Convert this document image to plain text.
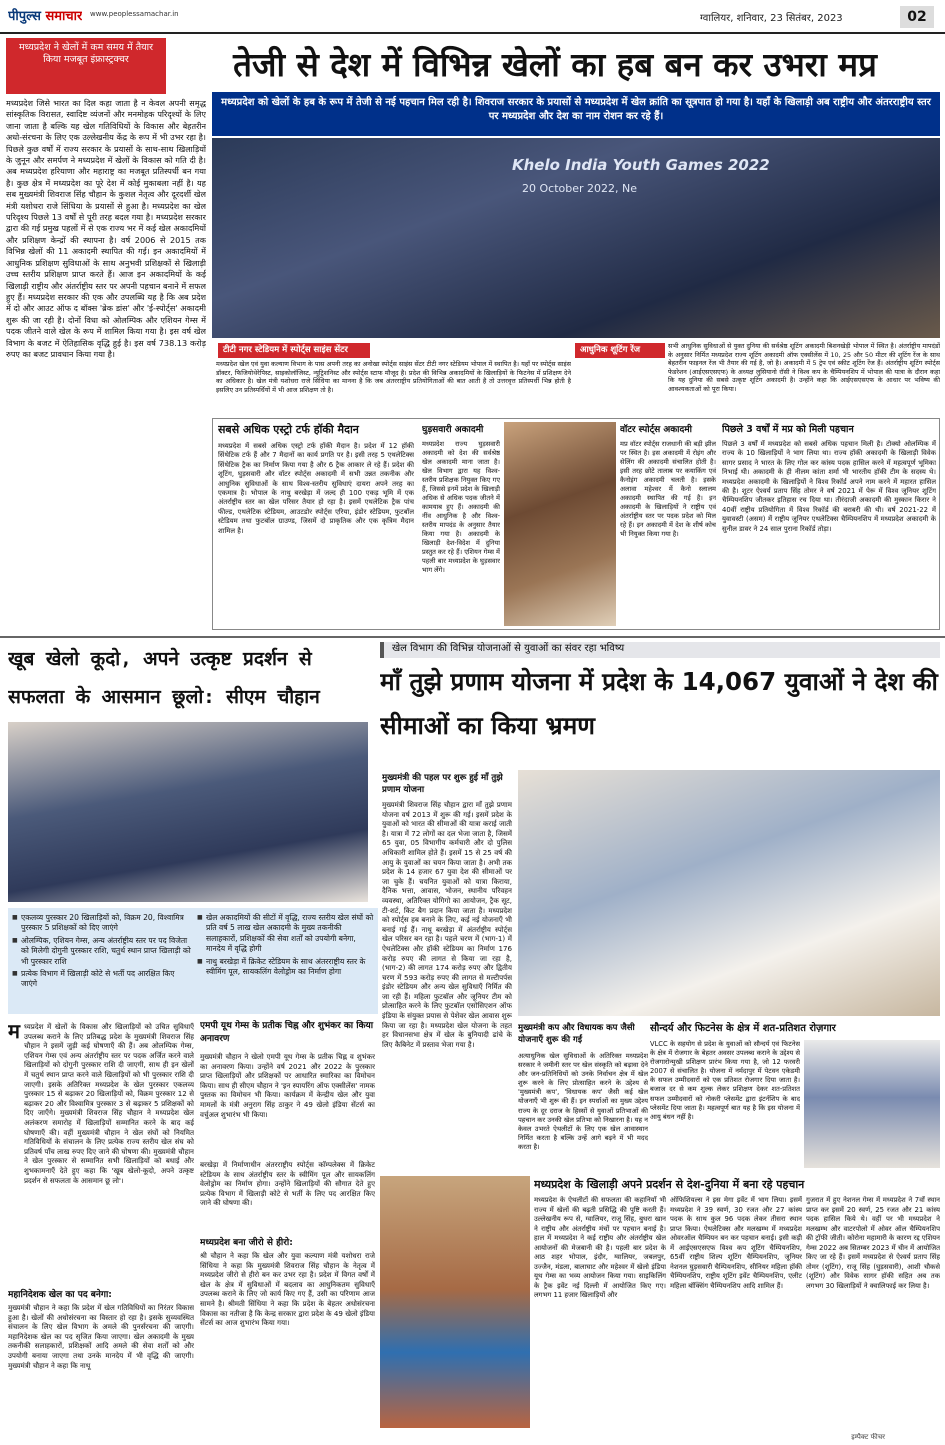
पीपुल्स समाचार www.peoplessamachar.in	ग्वालियर, शनिवार, 23 सितंबर, 2023	02
मध्यप्रदेश ने खेलों में कम समय में तैयार किया मजबूत इंफ्रास्ट्रक्चर	तेजी से देश में विभिन्न खेलों का हब बन कर उभरा मप्र
मध्यप्रदेश को खेलों के हब के रूप में तेजी से नई पहचान मिल रही है। शिवराज सरकार के प्रयासों से मध्यप्रदेश में खेल क्रांति का सूत्रपात हो गया है। यहाँ के खिलाड़ी अब राष्ट्रीय और अंतरराष्ट्रीय स्तर पर मध्यप्रदेश और देश का नाम रोशन कर रहे हैं।
मध्यप्रदेश जिसे भारत का दिल कहा जाता है न केवल अपनी समृद्ध सांस्कृतिक विरासत, स्वादिष्ट व्यंजनों और मनमोहक परिदृश्यों के लिए जाना जाता है बल्कि यह खेल गतिविधियों के विकास और बेहतरीन अधो-संरचना के लिए एक उल्लेखनीय केंद्र के रूप में भी उभर रहा है। पिछले कुछ वर्षों में राज्य सरकार के प्रयासों के साथ-साथ खिलाड़ियों के जुनून और समर्पण ने मध्यप्रदेश में खेलों के विकास को गति दी है। अब मध्यप्रदेश हरियाणा और महाराष्ट्र का मजबूत प्रतिस्पर्धी बन गया है। कुछ क्षेत्र में मध्यप्रदेश का पूरे देश में कोई मुकाबला नहीं है। यह सब मुख्यमंत्री शिवराज सिंह चौहान के कुशल नेतृत्व और दूरदर्शी खेल मंत्री यशोधरा राजे सिंधिया के प्रयासों से हुआ है। मध्यप्रदेश का खेल परिदृश्य पिछले 13 वर्षों से पूरी तरह बदल गया है। मध्यप्रदेश सरकार द्वारा की गई प्रमुख पहलों में से एक राज्य भर में कई खेल अकादमियों और प्रशिक्षण केन्द्रों की स्थापना है। वर्ष 2006 से 2015 तक विभिन्न खेलों की 11 अकादमी स्थापित की गई। इन अकादमियों में आधुनिक प्रशिक्षण सुविधाओं के साथ अनुभवी प्रशिक्षकों से खिलाड़ी उच्च स्तरीय प्रशिक्षण प्राप्त करते हैं। आज इन अकादमियों के कई खिलाड़ी राष्ट्रीय और अंतर्राष्ट्रीय स्तर पर अपनी पहचान बनाने में सफल हुए हैं। मध्यप्रदेश सरकार की एक और उपलब्धि यह है कि अब प्रदेश में दो और आउट ऑफ द बॉक्स 'ब्रेक डांस' और 'ई-स्पोर्ट्स' अकादमी शुरू की जा रही है। दोनों विधा को ओलम्पिक और एशियन गेम्स में पदक जीतने वाले खेल के रूप में शामिल किया गया है। इस वर्ष खेल विभाग के बजट में ऐतिहासिक वृद्धि हुई है। इस वर्ष 738.13 करोड़ रुपए का बजट प्रावधान किया गया है।
Khelo India Youth Games 2022
20 October 2022, Ne
टीटी नगर स्टेडियम में स्पोर्ट्स साइंस सेंटर
मध्यप्रदेश खेल एवं युवा कल्याण विभाग के पास अपनी तरह का अनोखा स्पोर्ट्स साइंस सेंटर टीटी नगर स्टेडियम भोपाल में स्थापित है। यहाँ पर स्पोर्ट्स साइंस डॉक्टर, फिजियोथेरेपिस्ट, साइकोलॉजिस्ट, न्यूट्रिशनिस्ट और स्पोर्ट्स स्टाफ मौजूद है। प्रदेश की विभिन्न अकादमियों के खिलाड़ियों के फिटनेस में प्रशिक्षण देने का अधिकार है। खेल मंत्री यशोधरा राजे सिंधिया का मानना है कि जब अंतरराष्ट्रीय प्रतियोगिताओं की बात आती है तो उत्तरवृत्त प्रतिस्पर्धी भिन्न होती है इसलिए उन प्रतिस्पर्धियों में भी आज प्रशिक्षण तो है।
आधुनिक शूटिंग रेंज	सभी आधुनिक सुविधाओं से युक्त दुनिया की सर्वश्रेष्ठ शूटिंग अकादमी बिशनखेड़ी भोपाल में स्थित है। अंतर्राष्ट्रीय मापदंडों के अनुसार निर्मित मध्यप्रदेश राज्य शूटिंग अकादमी ऑफ एक्सीलेंस में 10, 25 और 50 मीटर की शूटिंग रेंज के साथ बेहतरीन फाइनल रेंज भी तैयार की गई है, जो है। अकादमी में 5 ट्रेप एवं स्कीट शूटिंग रेंज हैं। अंतर्राष्ट्रीय शूटिंग स्पोर्ट्स फेडरेशन (आईएसएसएफ) के अध्यक्ष लुसियानो रॉसी ने विश्व कप के चैम्पियनशिप में भोपाल की यात्रा के दौरान कहा कि यह दुनिया की सबसे उत्कृष्ट शूटिंग अकादमी है। उन्होंने कहा कि आईएसएसएफ के आधार पर भविष्य की आवश्यकताओं को पूरा किया।
सबसे अधिक एस्ट्रो टर्फ हॉकी मैदान
मध्यप्रदेश में सबसे अधिक एस्ट्रो टर्फ हॉकी मैदान है। प्रदेश में 12 हॉकी सिंथेटिक टर्फ हैं और 7 मैदानों का कार्य प्रगति पर है। इसी तरह 5 एथलेटिक्स सिंथेटिक ट्रैक का निर्माण किया गया है और 6 ट्रैक आकार ले रहे हैं। प्रदेश की शूटिंग, घुड़सवारी और वॉटर स्पोर्ट्स अकादमी में सभी उन्नत तकनीक और आधुनिक सुविधाओं के साथ विश्व-स्तरीय सुविधाएं दायरा अपने तरह का एकमात्र है। भोपाल के नाथु बरखेड़ा में जल्द ही 100 एकड़ भूमि में एक अंतर्राष्ट्रीय स्तर का खेल परिसर तैयार हो रहा है। इसमें एथलेटिक ट्रैक पांच फील्ड, एथलेटिक स्टेडियम, आउटडोर स्पोर्ट्स एरिया, इंडोर स्टेडियम, फुटबॉल स्टेडियम तथा फुटबॉल ग्राउण्ड, जिसमें दो प्राकृतिक और एक कृत्रिम मैदान शामिल है।
घुड़सवारी अकादमी
मध्यप्रदेश राज्य घुड़सवारी अकादमी को देश की सर्वश्रेष्ठ खेल अकादमी माना जाता है। खेल विभाग द्वारा यह विश्व-स्तरीय प्रशिक्षक नियुक्त किए गए हैं, जिससे इनमें प्रदेश के खिलाड़ी अधिक से अधिक पदक जीतने में कामयाब हुए हैं। अकादमी की नींव आधुनिक है और विश्व-स्तरीय मापदंड के अनुसार तैयार किया गया है। अकादमी के खिलाड़ी देश-विदेश में दुनिया प्रस्तुत कर रहे हैं। एशियन गेम्स में पहली बार मध्यप्रदेश के घुड़सवार भाग लेंगे।
वॉटर स्पोर्ट्स अकादमी
मप्र वॉटर स्पोर्ट्स राजधानी की बड़ी झील पर स्थित है। इस अकादमी में रोइंग और सेलिंग की अकादमी संचालित होती है। इसी तरह छोटे तालाब पर कयाकिंग एवं कैनोइंग अकादमी चलती है। इसके अलावा महेश्वर में कैनो स्लालम अकादमी स्थापित की गई है। इन अकादमी के खिलाड़ियों ने राष्ट्रीय एवं अंतर्राष्ट्रीय स्तर पर पदक प्रदेश को मिल रहे हैं। इन अकादमी में देश के शीर्ष कोच भी नियुक्त किया गया है।
पिछले 3 वर्षों में मप्र को मिली पहचान
पिछले 3 वर्षों में मध्यप्रदेश को सबसे अधिक पहचान मिली है। टोक्यो ओलम्पिक में राज्य के 10 खिलाड़ियों ने भाग लिया था। राज्य हॉकी अकादमी के खिलाड़ी विवेक सागर प्रसाद ने भारत के लिए गोल कर कांस्य पदक हासिल करने में महत्वपूर्ण भूमिका निभाई थी। अकादमी के ही नीलम कांता शर्मा भी भारतीय हॉकी टीम के सदस्य थे। मध्यप्रदेश अकादमी के खिलाड़ियों ने विश्व रिकॉर्ड अपने नाम करने में महारत हासिल की है। शूटर ऐश्वर्य प्रताप सिंह तोमर ने वर्ष 2021 में पेरू में विश्व जूनियर शूटिंग चैम्पियनशिप जीतकर इतिहास रच दिया था। तीरंदाजी अकादमी की मुस्कान किरार ने 40वीं राष्ट्रीय प्रतियोगिता में विश्व रिकॉर्ड की बराबरी की थी। वर्ष 2021-22 में युवावस्टी (असम) में राष्ट्रीय जूनियर एथलेटिक्स चैम्पियनशिप में मध्यप्रदेश अकादमी के सुनील डावर ने 24 साल पुराना रिकॉर्ड तोड़ा।
खूब खेलो कूदो, अपने उत्कृष्ट प्रदर्शन से सफलता के आसमान छूलो: सीएम चौहान
■ एकलव्य पुरस्कार 20 खिलाड़ियों को, विक्रम 20, विश्वामित्र पुरस्कार 5 प्रशिक्षकों को दिए जाएंगे
■ ओलम्पिक, एशियन गेम्स, अन्य अंतर्राष्ट्रीय स्तर पर पद विजेता को मिलेगी दोगुनी पुरस्कार राशि, चतुर्थ स्थान प्राप्त खिलाड़ी को भी पुरस्कार राशि
■ प्रत्येक विभाग में खिलाड़ी कोटे से भर्ती पद आरक्षित किए जाएंगे
■ खेल अकादमियों की सीटों में वृद्धि, राज्य स्तरीय खेल संघों को प्रति वर्ष 5 लाख खेल अकादमी के मुख्य तकनीकी सलाहकारों, प्रशिक्षकों की सेवा शर्तों को उपयोगी बनेगा, मानदेय में वृद्धि होगी
■ नाथु बरखेड़ा में क्रिकेट स्टेडियम के साथ अंतरराष्ट्रीय स्तर के स्वीमिंग पूल, सायकलिंग वेलोड्रोम का निर्माण होगा
म ध्यप्रदेश में खेलों के विकास और खिलाड़ियों को उचित सुविधाएँ उपलब्ध कराने के लिए प्रतिबद्ध प्रदेश के मुख्यमंत्री शिवराज सिंह चौहान ने इसमें जुड़ी कई घोषणाएँ की हैं। अब ओलम्पिक गेम्स, एशियन गेम्स एवं अन्य अंतर्राष्ट्रीय स्तर पर पदक अर्जित करने वाले खिलाड़ियों को दोगुनी पुरस्कार राशि दी जाएगी, साथ ही इन खेलों में चतुर्थ स्थान प्राप्त करने वाले खिलाड़ियों को भी पुरस्कार राशि दी जाएगी। इसके अतिरिक्त मध्यप्रदेश के खेल पुरस्कार एकलव्य पुरस्कार 15 से बढ़ाकर 20 खिलाड़ियों को, विक्रम पुरस्कार 12 से बढ़ाकर 20 और विश्वामित्र पुरस्कार 3 से बढ़ाकर 5 प्रशिक्षकों को दिए जाएँगे। मुख्यमंत्री शिवराज सिंह चौहान ने मध्यप्रदेश खेल अलंकरण समारोह में खिलाड़ियों सम्मानित करने के बाद कई घोषणाएँ की। वहीं मुख्यमंत्री चौहान ने खेल संघों को नियमित गतिविधियों के संचालन के लिए प्रत्येक राज्य स्तरीय खेल संघ को प्रतिवर्ष पाँच लाख रुपए दिए जाने की घोषणा की। मुख्यमंत्री चौहान ने खेल पुरस्कार से सम्मानित सभी खिलाड़ियों को बधाई और शुभकामनाएँ देते हुए कहा कि 'खूब खेलो-कूदो, अपने उत्कृष्ट प्रदर्शन से सफलता के आसमान छू लो'।
महानिदेशक खेल का पद बनेगा:
मुख्यमंत्री चौहान ने कहा कि प्रदेश में खेल गतिविधियों का निरंतर विकास हुआ है। खेलों की अधोसंरचना का विस्तार हो रहा है। इसके सुव्यवस्थित संचालन के लिए खेल विभाग के अमले की पुनर्संरचना की जाएगी। महानिदेशक खेल का पद सृजित किया जाएगा। खेल अकादमी के मुख्य तकनीकी सलाहकारों, प्रशिक्षकों आदि अमले की सेवा शर्तों को और उपयोगी बनाया जाएगा तथा उनके मानदेय में भी वृद्धि की जाएगी। मुख्यमंत्री चौहान ने कहा कि नाथू
एमपी यूथ गेम्स के प्रतीक चिह्न और शुभंकर का किया अनावरण
मुख्यमंत्री चौहान ने खेलो एमपी यूथ गेम्स के प्रतीक चिह्न व शुभंकर का अनावरण किया। उन्होंने वर्ष 2021 और 2022 के पुरस्कार प्राप्त खिलाड़ियों और प्रशिक्षकों पर आधारित स्मारिका का विमोचन किया। साथ ही सीएम चौहान ने 'इन स्पायरिंग ऑफ एक्सीलेंस' नामक पुस्तक का विमोचन भी किया। कार्यक्रम में केन्द्रीय खेल और युवा मामलों के मंत्री अनुराग सिंह ठाकुर ने 49 खेलो इंडिया सेंटर्स का वर्चुअल शुभारंभ भी किया।
बरखेड़ा में निर्माणाधीन अंतरराष्ट्रीय स्पोर्ट्स कॉम्पलेक्स में क्रिकेट स्टेडियम के साथ अंतर्राष्ट्रीय स्तर के स्वीमिंग पूल और सायकलिंग वेलोड्रोम का निर्माण होगा। उन्होंने खिलाड़ियों की सौगात देते हुए प्रत्येक विभाग में खिलाड़ी कोटे से भर्ती के लिए पद आरक्षित किए जाने की घोषणा की।
मध्यप्रदेश बना जीरो से हीरो:
श्री चौहान ने कहा कि खेल और युवा कल्याण मंत्री यशोधरा राजे सिंधिया ने कहा कि मुख्यमंत्री शिवराज सिंह चौहान के नेतृत्व में मध्यप्रदेश जीरो से हीरो बन कर उभर रहा है। प्रदेश में विगत वर्षों में खेल के क्षेत्र में सुविधाओं में बदलाव का आधुनिकतम सुविधाएँ उपलब्ध कराने के लिए जो कार्य किए गए हैं, उसी का परिणाम आज सामने है। श्रीमती सिंधिया ने कहा कि प्रदेश के बेहतर अधोसंरचना विकास का नतीजा है कि केन्द्र सरकार द्वारा प्रदेश के 49 खेलो इंडिया सेंटर्स का आज शुभारंभ किया गया।
खेल विभाग की विभिन्न योजनाओं से युवाओं का संवर रहा भविष्य
माँ तुझे प्रणाम योजना में प्रदेश के 14,067 युवाओं ने देश की सीमाओं का किया भ्रमण
मुख्यमंत्री की पहल पर शुरू हुई माँ तुझे प्रणाम योजना
मुख्यमंत्री शिवराज सिंह चौहान द्वारा माँ तुझे प्रणाम योजना वर्ष 2013 में शुरू की गई। इसमें प्रदेश के युवाओं को भारत की सीमाओं की यात्रा कराई जाती है। यात्रा में 72 लोगों का दल भेजा जाता है, जिसमें 65 युवा, 05 विभागीय कर्मचारी और दो पुलिस अधिकारी शामिल होते हैं। इसमें 15 से 25 वर्ष की आयु के युवाओं का चयन किया जाता है। अभी तक प्रदेश के 14 हजार 67 युवा देश की सीमाओं पर जा चुके हैं। चयनित युवाओं को यात्रा किराया, दैनिक भत्ता, आवास, भोजन, स्थानीय परिवहन व्यवस्था, अतिरिक्त योगिगो का आयोजन, ट्रैक सूट, टी-शर्ट, किट बैग प्रदान किया जाता है। मध्यप्रदेश को स्पोर्ट्स हब बनाने के लिए, कई नई योजनाएँ भी बनाई गई हैं। नाथू बरखेड़ा में अंतर्राष्ट्रीय स्पोर्ट्स खेल परिसर बन रहा है। पहले चरण में (भाग-1) में ऐथलेटिक्स और हॉकी स्टेडियम का निर्माण 176 करोड़ रुपए की लागत से किया जा रहा है, (भाग-2) की लागत 174 करोड़ रुपए और द्वितीय चरण में 593 करोड़ रुपए की लागत से मल्टीपर्पस इंडोर स्टेडियम और अन्य खेल सुविधाएँ निर्मित की जा रही हैं। महिला फुटबॉल और जूनियर टीम को प्रोत्साहित करने के लिए फुटबॉल एसोसिएशन ऑफ इंडिया के संयुक्त प्रयास से पेशेवर खेल आवास शुरू किया जा रहा है। मध्यप्रदेश खेल योजना के तहत हर विधानसभा क्षेत्र में खेल के बुनियादी ढांचे के लिए कैबिनेट में प्रस्ताव भेजा गया है।
मुख्यमंत्री कप और विधायक कप जैसी योजनाएँ शुरू की गईं
अत्याधुनिक खेल सुविधाओं के अतिरिक्त मध्यप्रदेश सरकार ने जमीनी स्तर पर खेल संस्कृति को बढ़ावा देने और जन-प्रतिनिधियों को उनके निर्वाचन क्षेत्र में खेल शुरू करने के लिए प्रोत्साहित करने के उद्देश्य से 'मुख्यमंत्री कप', 'विधायक कप' जैसी कई खेल योजनाएँ भी शुरू की हैं। इन स्पर्धाओं का मुख्य उद्देश्य राज्य के दूर दराज के हिस्सों से युवाओं प्रतिभाओं की पहचान कर उनकी खेल प्रतिभा को निखारना है। यह न केवल उभरते ऐथलीटों के लिए एक खेल आवास्थान निर्मित करता है बल्कि उन्हें आगे बढ़ने में भी मदद करता है।
सौन्दर्य और फिटनेस के क्षेत्र में शत-प्रतिशत रोज़गार
VLCC के सहयोग से प्रदेश के युवाओं को सौन्दर्य एवं फिटनेस के क्षेत्र में रोजगार के बेहतर अवसर उपलब्ध कराने के उद्देश्य से रोजगारोन्मुखी प्रशिक्षण प्रारंभ किया गया है, जो 12 फरवरी 2007 से संचालित है। योजना में नर्मदापुर में पेटवन एकेडमी के सफल उम्मीदवारों को एक प्रतिशत रोजगार दिया जाता है। बजाज दर से कम शुल्क लेकर प्रशिक्षण देकर शत-प्रतिशत सफल उम्मीदवारों को नोकरी प्लेसमेंट द्वारा इंटर्नशिप के बाद प्लेसमेंट दिया जाता है। महत्वपूर्ण बात यह है कि इस योजना में आयु बंधन नहीं है।
मध्यप्रदेश के खिलाड़ी अपने प्रदर्शन से देश-दुनिया में बना रहे पहचान
मध्यप्रदेश के ऐथलीटों की सफलता की कहानियाँ भी राज्य में खेलों की बढ़ती प्रसिद्धि की पुष्टि करती हैं। उल्लेखनीय रूप से, ग्वालियर, राजू सिंह, बुधरा खान ने राष्ट्रीय और अंतर्राष्ट्रीय मंचों पर पहचान बनाई है। हाल में मध्यप्रदेश ने कई राष्ट्रीय और अंतर्राष्ट्रीय खेल आयोजनों की मेजबानी की है। पहली बार प्रदेश के आठ शहर भोपाल, इंदौर, ग्वालियर, जबलपुर, उज्जैन, मंडला, बालाघाट और महेश्वर में खेलो इंडिया यूथ गेम्स का भव्य आयोजन किया गया। साइकिलिंग के ट्रैक इवेंट नई दिल्ली में आयोजित किए गए। लगभग 11 हजार खिलाड़ियों और
ऑफिशियल्स ने इस मेगा इवेंट में भाग लिया। इसमें मध्यप्रदेश ने 39 स्वर्ण, 30 रजत और 27 कांस्य पदक के साथ कुल 96 पदक लेकर तीसरा स्थान प्राप्त किया। ऐथलेटिक्स और मलखम्भ में मध्यप्रदेश ओवरऑल चैम्पियन बन कर पहचान बनाई। इसी कड़ी में आईएसएसएफ विश्व कप शूटिंग चैम्पियनशिप, 65वीं राष्ट्रीय शिल्प शूटिंग चैम्पियनशिप, जूनियर नेशनल घुड़सवारी चैम्पियनशिप, सीनियर महिला हॉकी चैम्पियनशिप, राष्ट्रीय शूटिंग इवेंट चैम्पियनशिप, एलीट महिला बॉक्सिंग चैम्पियनशिप आदि शामिल हैं।
गुजरात में हुए नेशनल गेम्स में मध्यप्रदेश ने 7वाँ स्थान प्राप्त कर इसमें 20 स्वर्ण, 25 रजत और 21 कांस्य पदक हासिल किये थे। वहीं पर भी मध्यप्रदेश ने मलखम्भ और वाटरपोलो में ओवर ऑल चैम्पियनशिप की ट्रॉफी जीती। कोरोना महामारी के कारण रद्द एशियन गेम्स 2022 अब सितम्बर 2023 में चीन में आयोजित किए जा रहे हैं। इसमें मध्यप्रदेश से ऐश्वर्य प्रताप सिंह तोमर (शूटिंग), राजू सिंह (घुड़सवारी), आशी चौकसे (शूटिंग) और विवेक सागर हॉकी सहित अब तक लगभग 30 खिलाड़ियों ने क्वालिफाई कर लिया है।
इम्पैक्ट फीचर
